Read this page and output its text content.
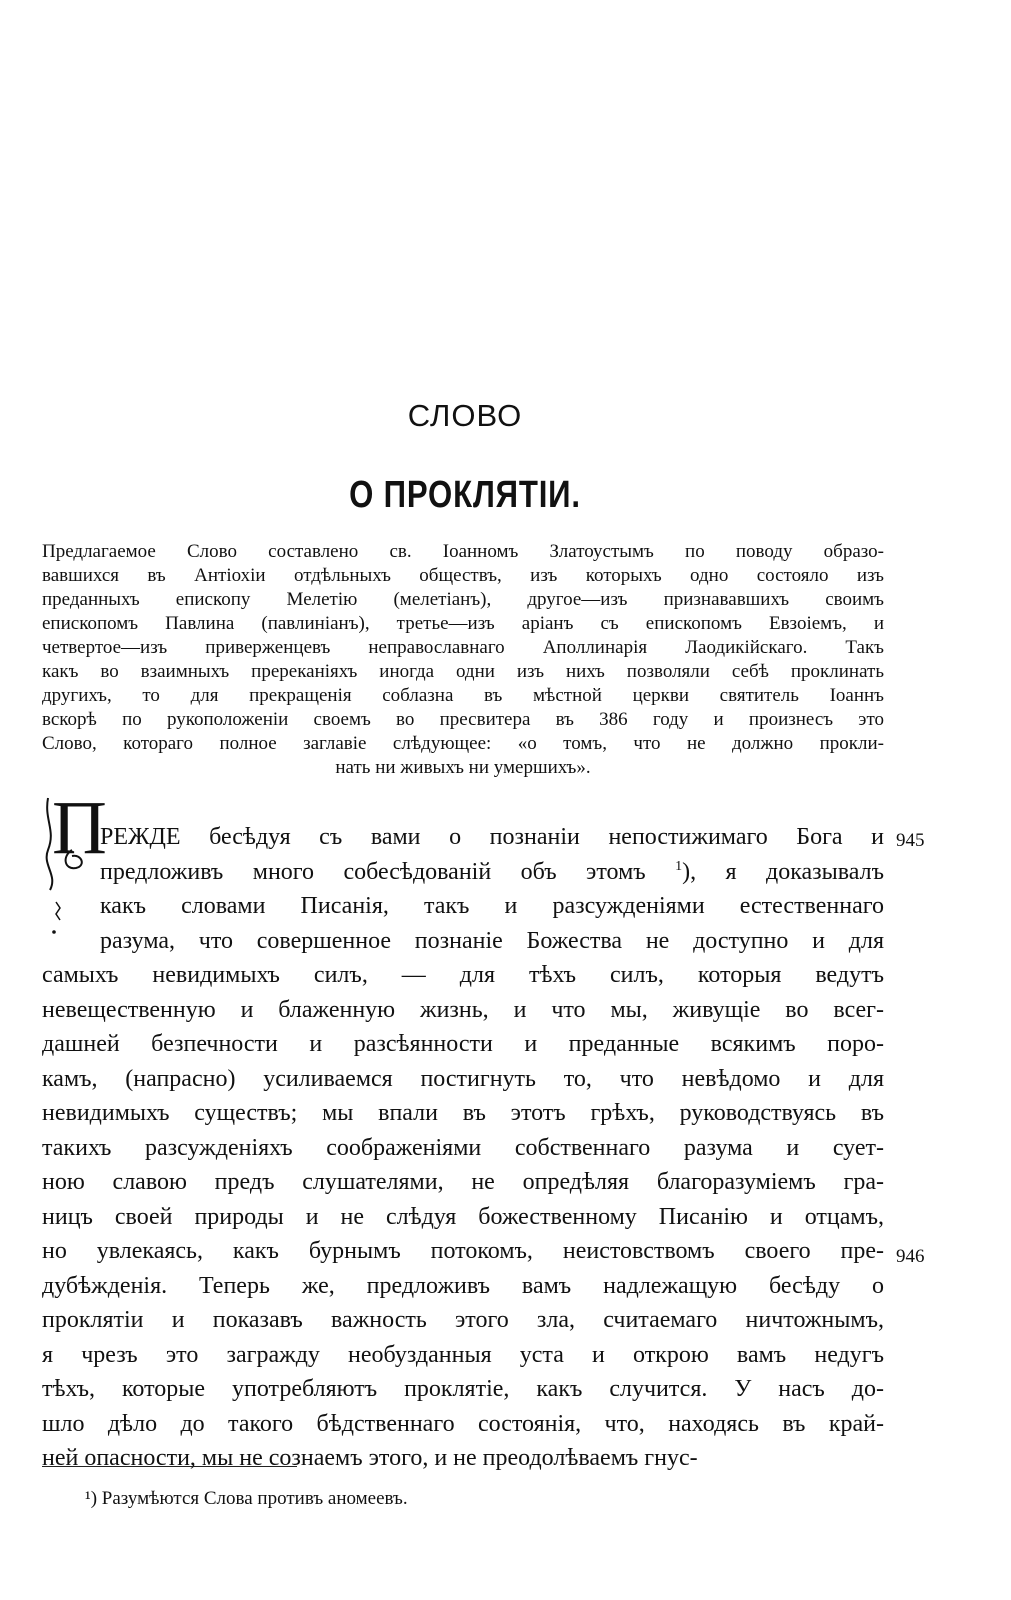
СЛОВО
О ПРОКЛЯТІИ.
Предлагаемое Слово составлено св. Іоанномъ Златоустымъ по поводу образо-
вавшихся въ Антіохіи отдѣльныхъ обществъ, изъ которыхъ одно состояло изъ
преданныхъ епископу Мелетію (мелетіанъ), другое—изъ признававшихъ своимъ
епископомъ Павлина (павлиніанъ), третье—изъ аріанъ съ епископомъ Евзоіемъ, и
четвертое—изъ приверженцевъ неправославнаго Аполлинарія Лаодикійскаго. Такъ
какъ во взаимныхъ пререканіяхъ иногда одни изъ нихъ позволяли себѣ проклинать
другихъ, то для прекращенія соблазна въ мѣстной церкви святитель Іоаннъ
вскорѣ по рукоположеніи своемъ во пресвитера въ 386 году и произнесъ это
Слово, котораго полное заглавіе слѣдующее: «о томъ, что не должно прокли-
нать ни живыхъ ни умершихъ».
П
РЕЖДЕ бесѣдуя съ вами о познаніи непостижимаго Бога и
предложивъ много собесѣдованій объ этомъ $^1$), я доказывалъ
какъ словами Писанія, такъ и разсужденіями естественнаго
разума, что совершенное познаніе Божества не доступно и для
самыхъ невидимыхъ силъ, — для тѣхъ силъ, которыя ведутъ
невещественную и блаженную жизнь, и что мы, живущіе во всег-
дашней безпечности и разсѣянности и преданные всякимъ поро-
камъ, (напрасно) усиливаемся постигнуть то, что невѣдомо и для
невидимыхъ существъ; мы впали въ этотъ грѣхъ, руководствуясь въ
такихъ разсужденіяхъ соображеніями собственнаго разума и сует-
ною славою предъ слушателями, не опредѣляя благоразуміемъ гра-
ницъ своей природы и не слѣдуя божественному Писанію и отцамъ,
но увлекаясь, какъ бурнымъ потокомъ, неистовствомъ своего пре-
дубѣжденія. Теперь же, предложивъ вамъ надлежащую бесѣду о
проклятіи и показавъ важность этого зла, считаемаго ничтожнымъ,
я чрезъ это загражду необузданныя уста и открою вамъ недугъ
тѣхъ, которые употребляютъ проклятіе, какъ случится. У насъ до-
шло дѣло до такого бѣдственнаго состоянія, что, находясь въ край-
ней опасности, мы не сознаемъ этого, и не преодолѣваемъ гнус-
945
946
¹) Разумѣются Слова противъ аномеевъ.
